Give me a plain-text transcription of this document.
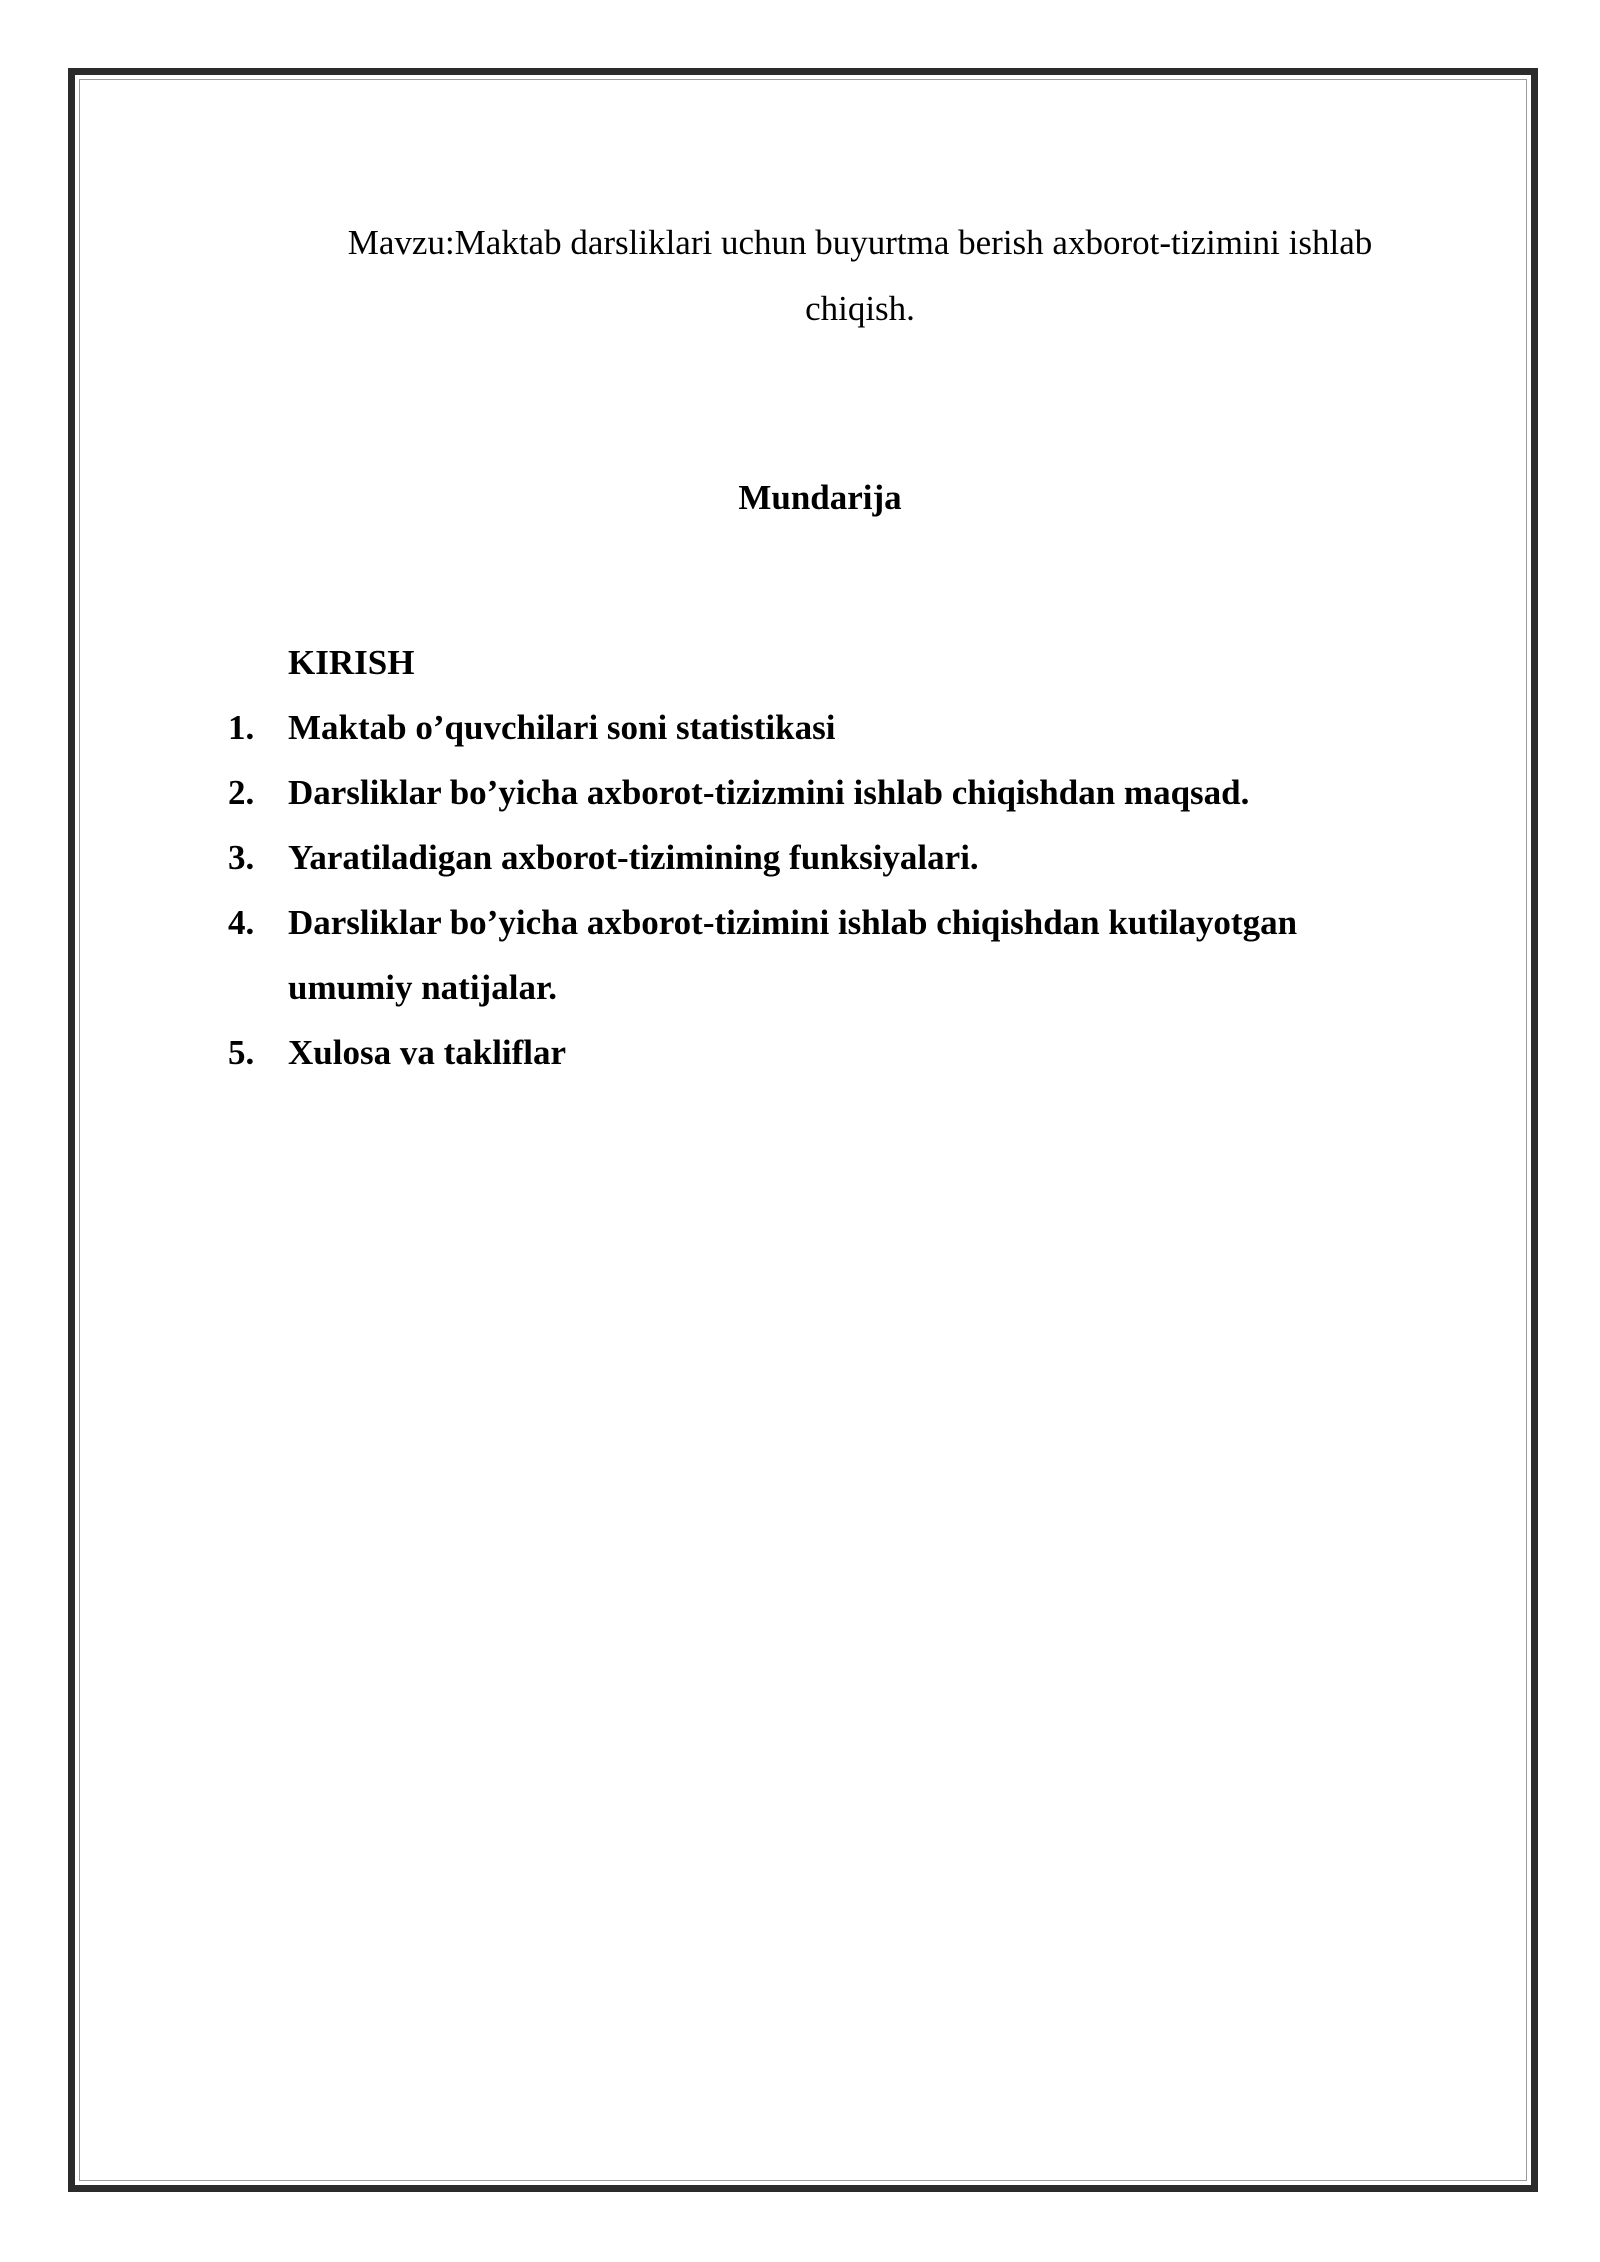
Mavzu:Maktab darsliklari uchun buyurtma berish axborot-tizimini ishlab
chiqish.
Mundarija
KIRISH
1. Maktab o’quvchilari soni statistikasi
2. Darsliklar bo’yicha axborot-tizizmini ishlab chiqishdan maqsad.
3. Yaratiladigan axborot-tizimining funksiyalari.
4. Darsliklar bo’yicha axborot-tizimini ishlab chiqishdan kutilayotgan umumiy natijalar.
5. Xulosa va takliflar
